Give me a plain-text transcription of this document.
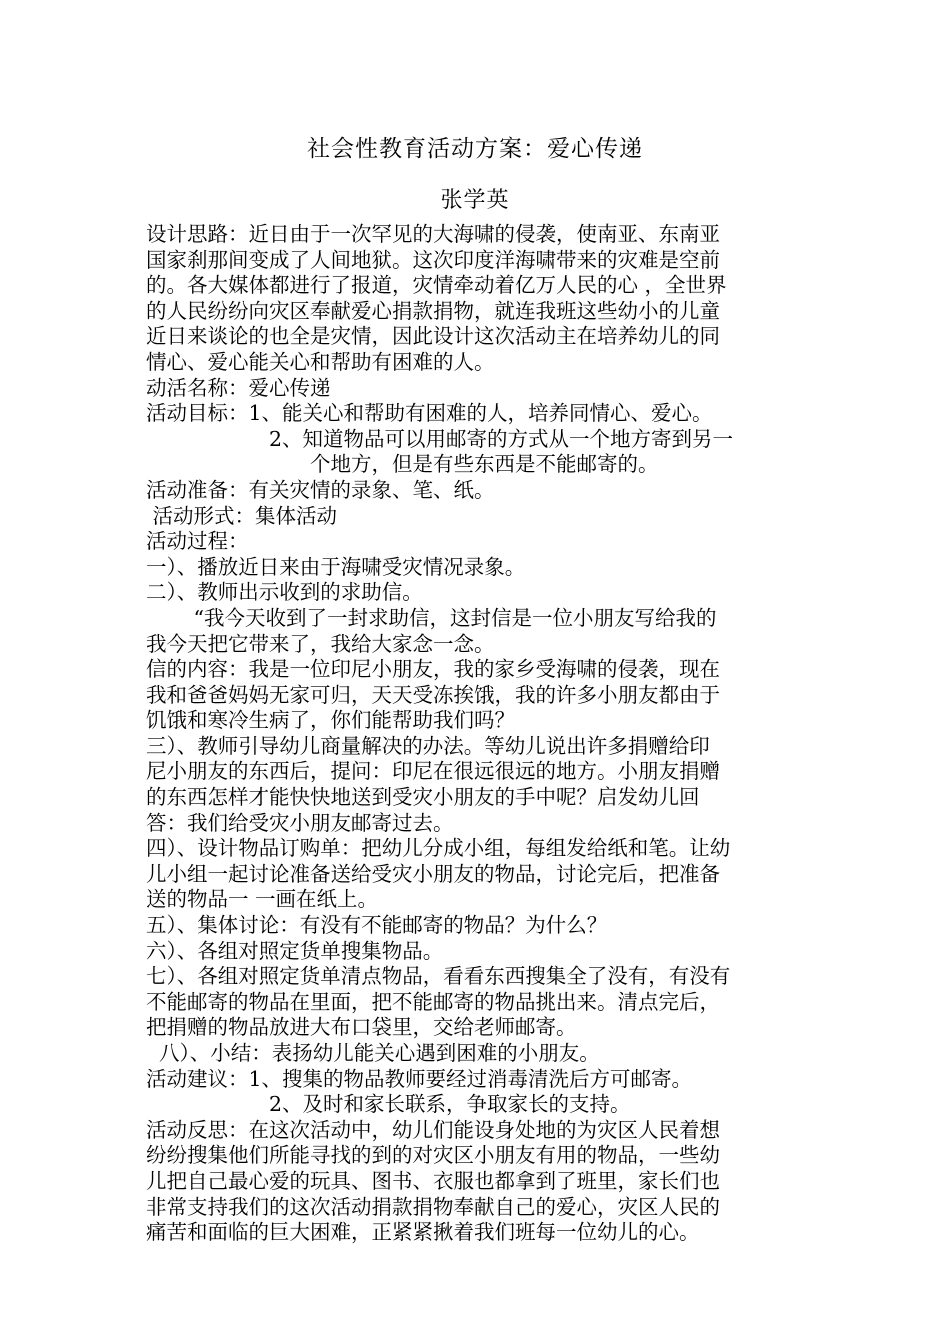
社会性教育活动方案：爱心传递
张学英
设计思路：近日由于一次罕见的大海啸的侵袭，使南亚、东南亚
国家刹那间变成了人间地狱。这次印度洋海啸带来的灾难是空前
的。各大媒体都进行了报道，灾情牵动着亿万人民的心 ，全世界
的人民纷纷向灾区奉献爱心捐款捐物，就连我班这些幼小的儿童
近日来谈论的也全是灾情，因此设计这次活动主在培养幼儿的同
情心、爱心能关心和帮助有困难的人。
动活名称：爱心传递
活动目标：1、能关心和帮助有困难的人，培养同情心、爱心。
　　　　　　2、知道物品可以用邮寄的方式从一个地方寄到另一
　　　　　　　　个地方，但是有些东西是不能邮寄的。
活动准备：有关灾情的录象、笔、纸。
活动形式：集体活动
活动过程：
一）、播放近日来由于海啸受灾情况录象。
二）、教师出示收到的求助信。
　　 “我今天收到了一封求助信，这封信是一位小朋友写给我的
我今天把它带来了，我给大家念一念。
信的内容：我是一位印尼小朋友，我的家乡受海啸的侵袭，现在
我和爸爸妈妈无家可归，天天受冻挨饿，我的许多小朋友都由于
饥饿和寒冷生病了，你们能帮助我们吗？
三）、教师引导幼儿商量解决的办法。等幼儿说出许多捐赠给印
尼小朋友的东西后，提问：印尼在很远很远的地方。小朋友捐赠
的东西怎样才能快快地送到受灾小朋友的手中呢？启发幼儿回
答：我们给受灾小朋友邮寄过去。
四）、设计物品订购单：把幼儿分成小组，每组发给纸和笔。让幼
儿小组一起讨论准备送给受灾小朋友的物品，讨论完后，把准备
送的物品一 一画在纸上。
五）、集体讨论：有没有不能邮寄的物品？为什么？
六）、各组对照定货单搜集物品。
七）、各组对照定货单清点物品，看看东西搜集全了没有，有没有
不能邮寄的物品在里面，把不能邮寄的物品挑出来。清点完后，
把捐赠的物品放进大布口袋里，交给老师邮寄。
八）、小结：表扬幼儿能关心遇到困难的小朋友。
活动建议：1、搜集的物品教师要经过消毒清洗后方可邮寄。
　　　　　　2、及时和家长联系，争取家长的支持。
活动反思：在这次活动中，幼儿们能设身处地的为灾区人民着想
纷纷搜集他们所能寻找的到的对灾区小朋友有用的物品，一些幼
儿把自己最心爱的玩具、图书、衣服也都拿到了班里，家长们也
非常支持我们的这次活动捐款捐物奉献自己的爱心，灾区人民的
痛苦和面临的巨大困难，正紧紧揪着我们班每一位幼儿的心。
